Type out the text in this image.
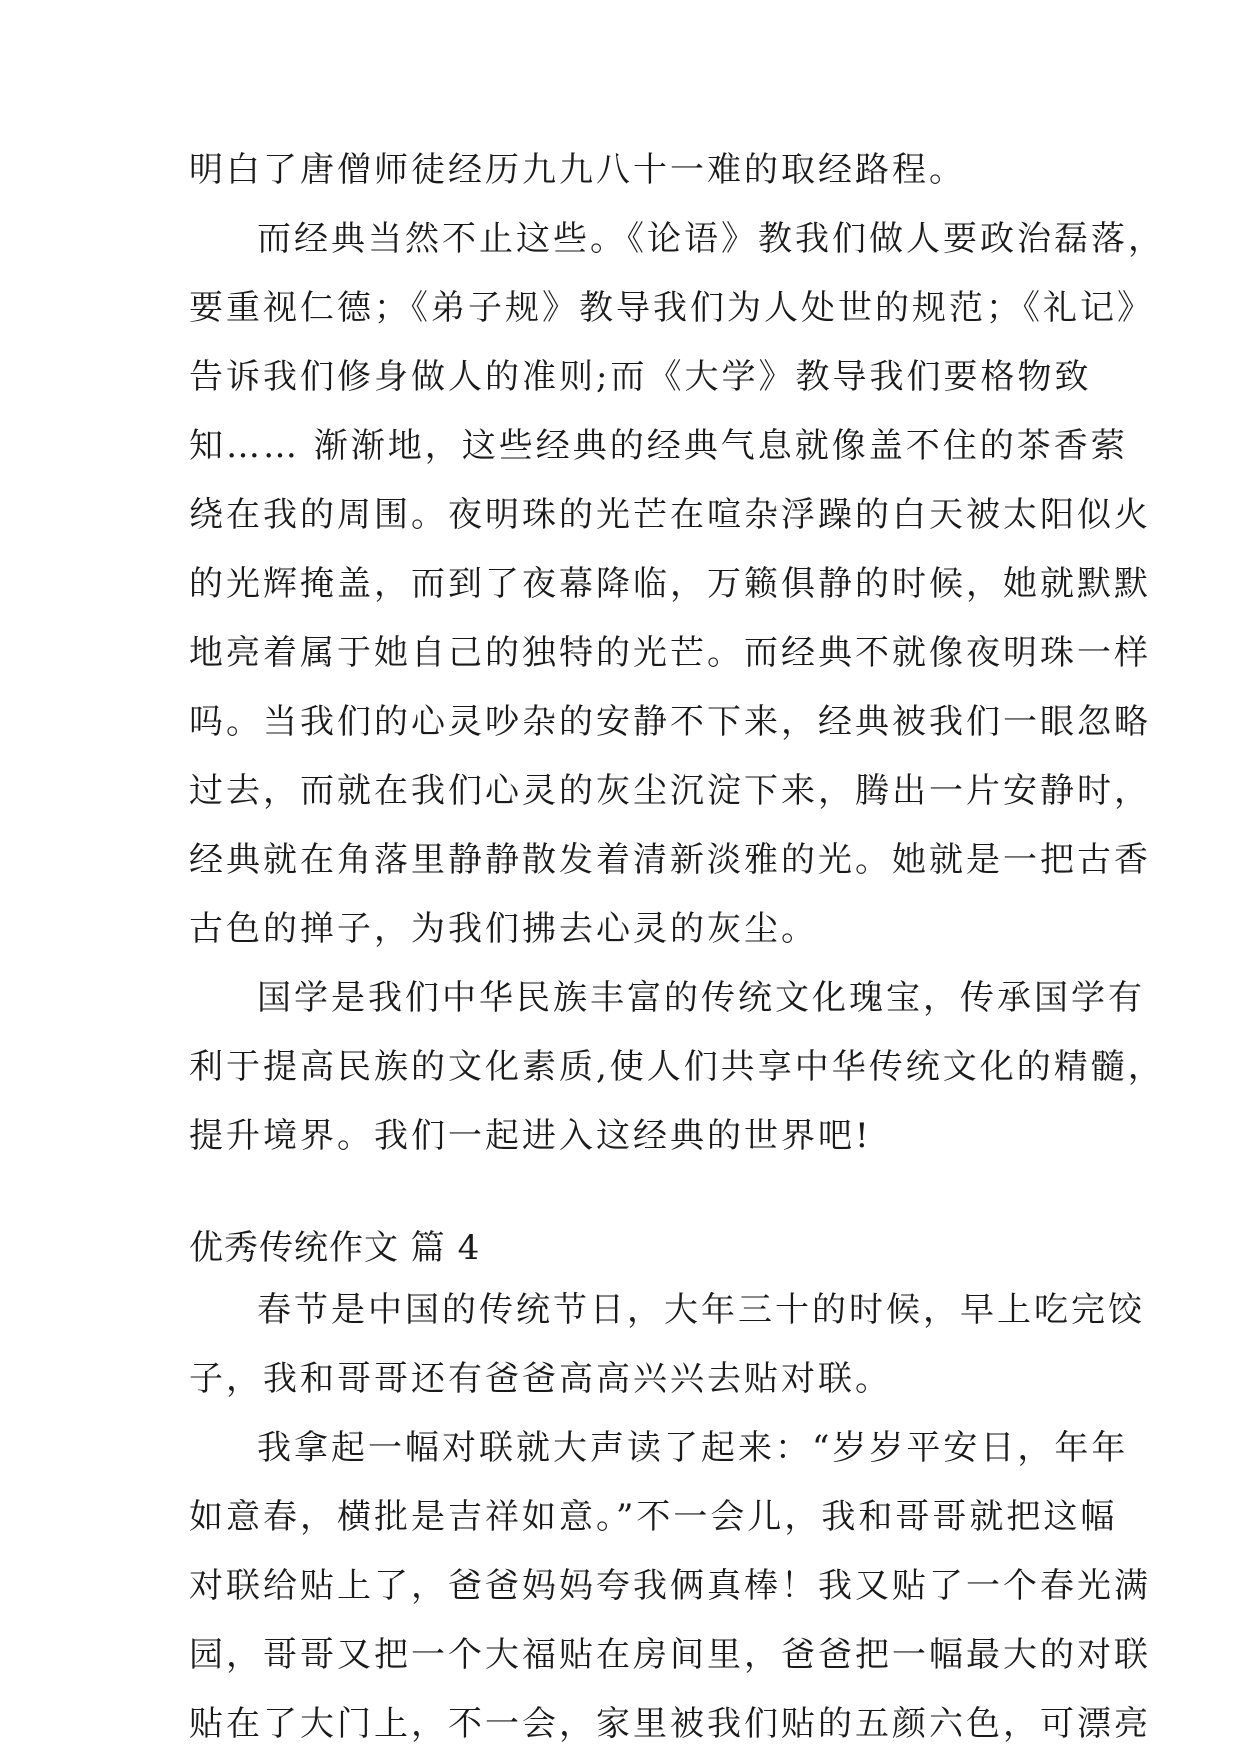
明白了唐僧师徒经历九九八十一难的取经路程。
而经典当然不止这些。《论语》教我们做人要政治磊落，
要重视仁德；《弟子规》教导我们为人处世的规范；《礼记》
告诉我们修身做人的准则;而《大学》教导我们要格物致
知…… 渐渐地，这些经典的经典气息就像盖不住的茶香萦
绕在我的周围。夜明珠的光芒在喧杂浮躁的白天被太阳似火
的光辉掩盖，而到了夜幕降临，万籁俱静的时候，她就默默
地亮着属于她自己的独特的光芒。而经典不就像夜明珠一样
吗。当我们的心灵吵杂的安静不下来，经典被我们一眼忽略
过去，而就在我们心灵的灰尘沉淀下来，腾出一片安静时，
经典就在角落里静静散发着清新淡雅的光。她就是一把古香
古色的掸子，为我们拂去心灵的灰尘。
国学是我们中华民族丰富的传统文化瑰宝，传承国学有
利于提高民族的文化素质,使人们共享中华传统文化的精髓，
提升境界。我们一起进入这经典的世界吧!
优秀传统作文 篇 4
春节是中国的传统节日，大年三十的时候，早上吃完饺
子，我和哥哥还有爸爸高高兴兴去贴对联。
我拿起一幅对联就大声读了起来：“岁岁平安日，年年
如意春，横批是吉祥如意。”不一会儿，我和哥哥就把这幅
对联给贴上了，爸爸妈妈夸我俩真棒！我又贴了一个春光满
园，哥哥又把一个大福贴在房间里，爸爸把一幅最大的对联
贴在了大门上，不一会，家里被我们贴的五颜六色，可漂亮
